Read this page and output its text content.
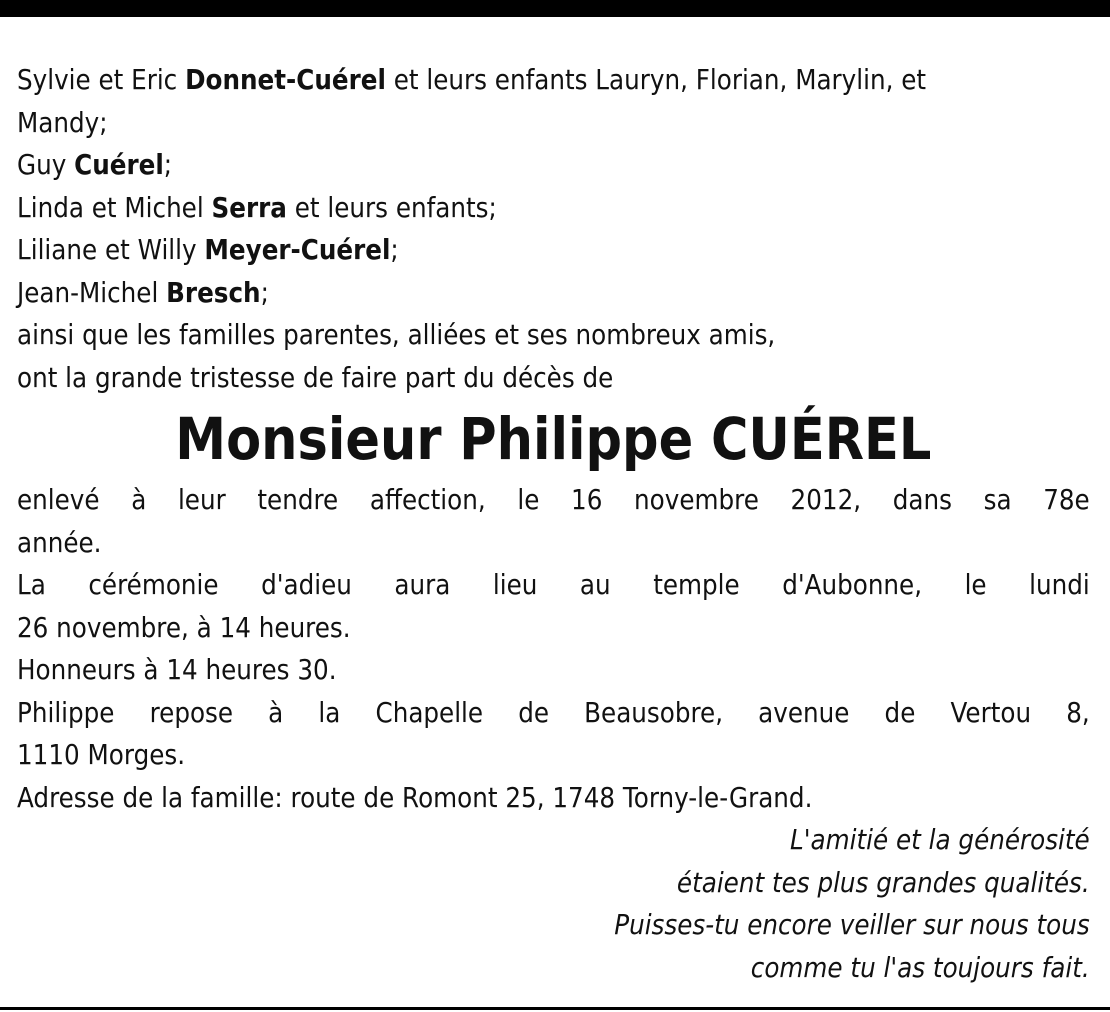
Sylvie et Eric Donnet-Cuérel et leurs enfants Lauryn, Florian, Marylin, et
Mandy;
Guy Cuérel;
Linda et Michel Serra et leurs enfants;
Liliane et Willy Meyer-Cuérel;
Jean-Michel Bresch;
ainsi que les familles parentes, alliées et ses nombreux amis,
ont la grande tristesse de faire part du décès de
Monsieur Philippe CUÉREL
enlevé à leur tendre affection, le 16 novembre 2012, dans sa 78e
année.
La cérémonie d'adieu aura lieu au temple d'Aubonne, le lundi
26 novembre, à 14 heures.
Honneurs à 14 heures 30.
Philippe repose à la Chapelle de Beausobre, avenue de Vertou 8,
1110 Morges.
Adresse de la famille: route de Romont 25, 1748 Torny-le-Grand.
L'amitié et la générosité
étaient tes plus grandes qualités.
Puisses-tu encore veiller sur nous tous
comme tu l'as toujours fait.
